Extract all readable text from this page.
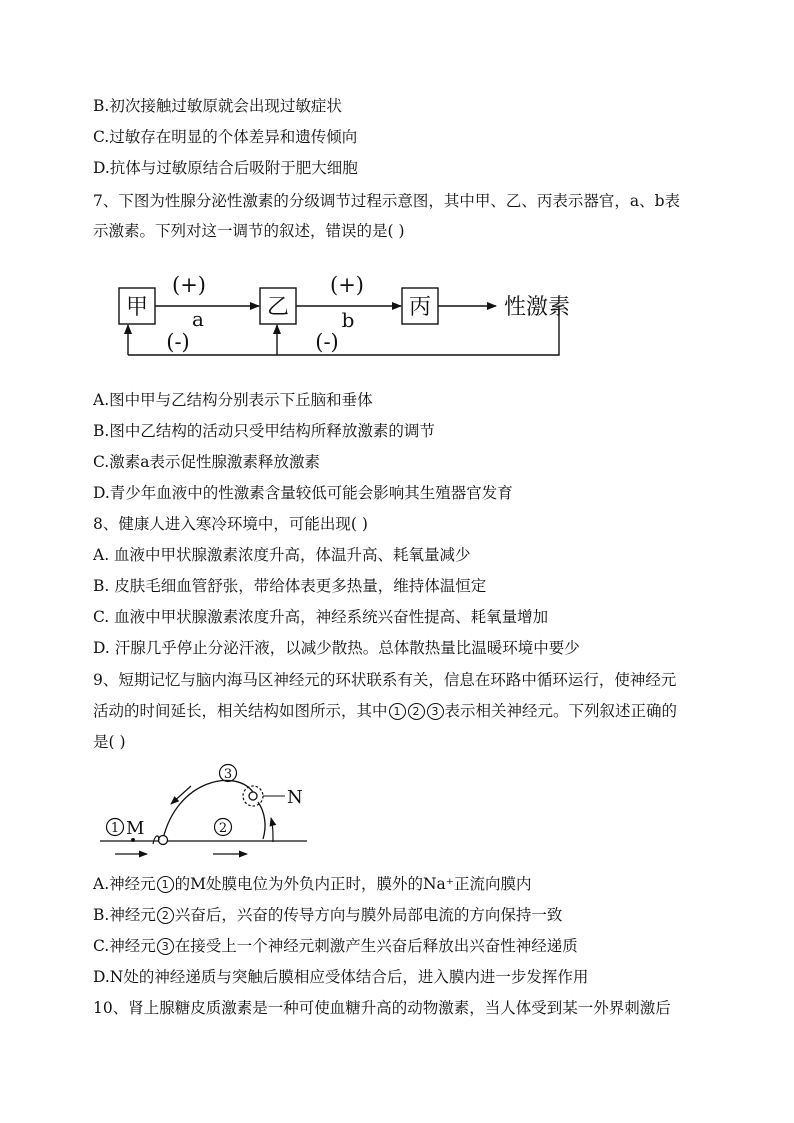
B.初次接触过敏原就会出现过敏症状
C.过敏存在明显的个体差异和遗传倾向
D.抗体与过敏原结合后吸附于肥大细胞
7、下图为性腺分泌性激素的分级调节过程示意图，其中甲、乙、丙表示器官，a、b表
示激素。下列对这一调节的叙述，错误的是( )
甲	乙	丙	性激素
(+)	(+)
a	b
(-)	(-)
A.图中甲与乙结构分别表示下丘脑和垂体
B.图中乙结构的活动只受甲结构所释放激素的调节
C.激素a表示促性腺激素释放激素
D.青少年血液中的性激素含量较低可能会影响其生殖器官发育
8、健康人进入寒冷环境中，可能出现( )
A. 血液中甲状腺激素浓度升高，体温升高、耗氧量减少
B. 皮肤毛细血管舒张，带给体表更多热量，维持体温恒定
C. 血液中甲状腺激素浓度升高，神经系统兴奋性提高、耗氧量增加
D. 汗腺几乎停止分泌汗液，以减少散热。总体散热量比温暖环境中要少
9、短期记忆与脑内海马区神经元的环状联系有关，信息在环路中循环运行，使神经元
活动的时间延长，相关结构如图所示，其中 1 2 3 表示相关神经元。下列叙述正确的
是( )
N
1 M	2
3
A.神经元 1 的M处膜电位为外负内正时，膜外的Na⁺正流向膜内
B.神经元 2 兴奋后，兴奋的传导方向与膜外局部电流的方向保持一致
C.神经元 3 在接受上一个神经元刺激产生兴奋后释放出兴奋性神经递质
D.N处的神经递质与突触后膜相应受体结合后，进入膜内进一步发挥作用
10、肾上腺糖皮质激素是一种可使血糖升高的动物激素，当人体受到某一外界刺激后
